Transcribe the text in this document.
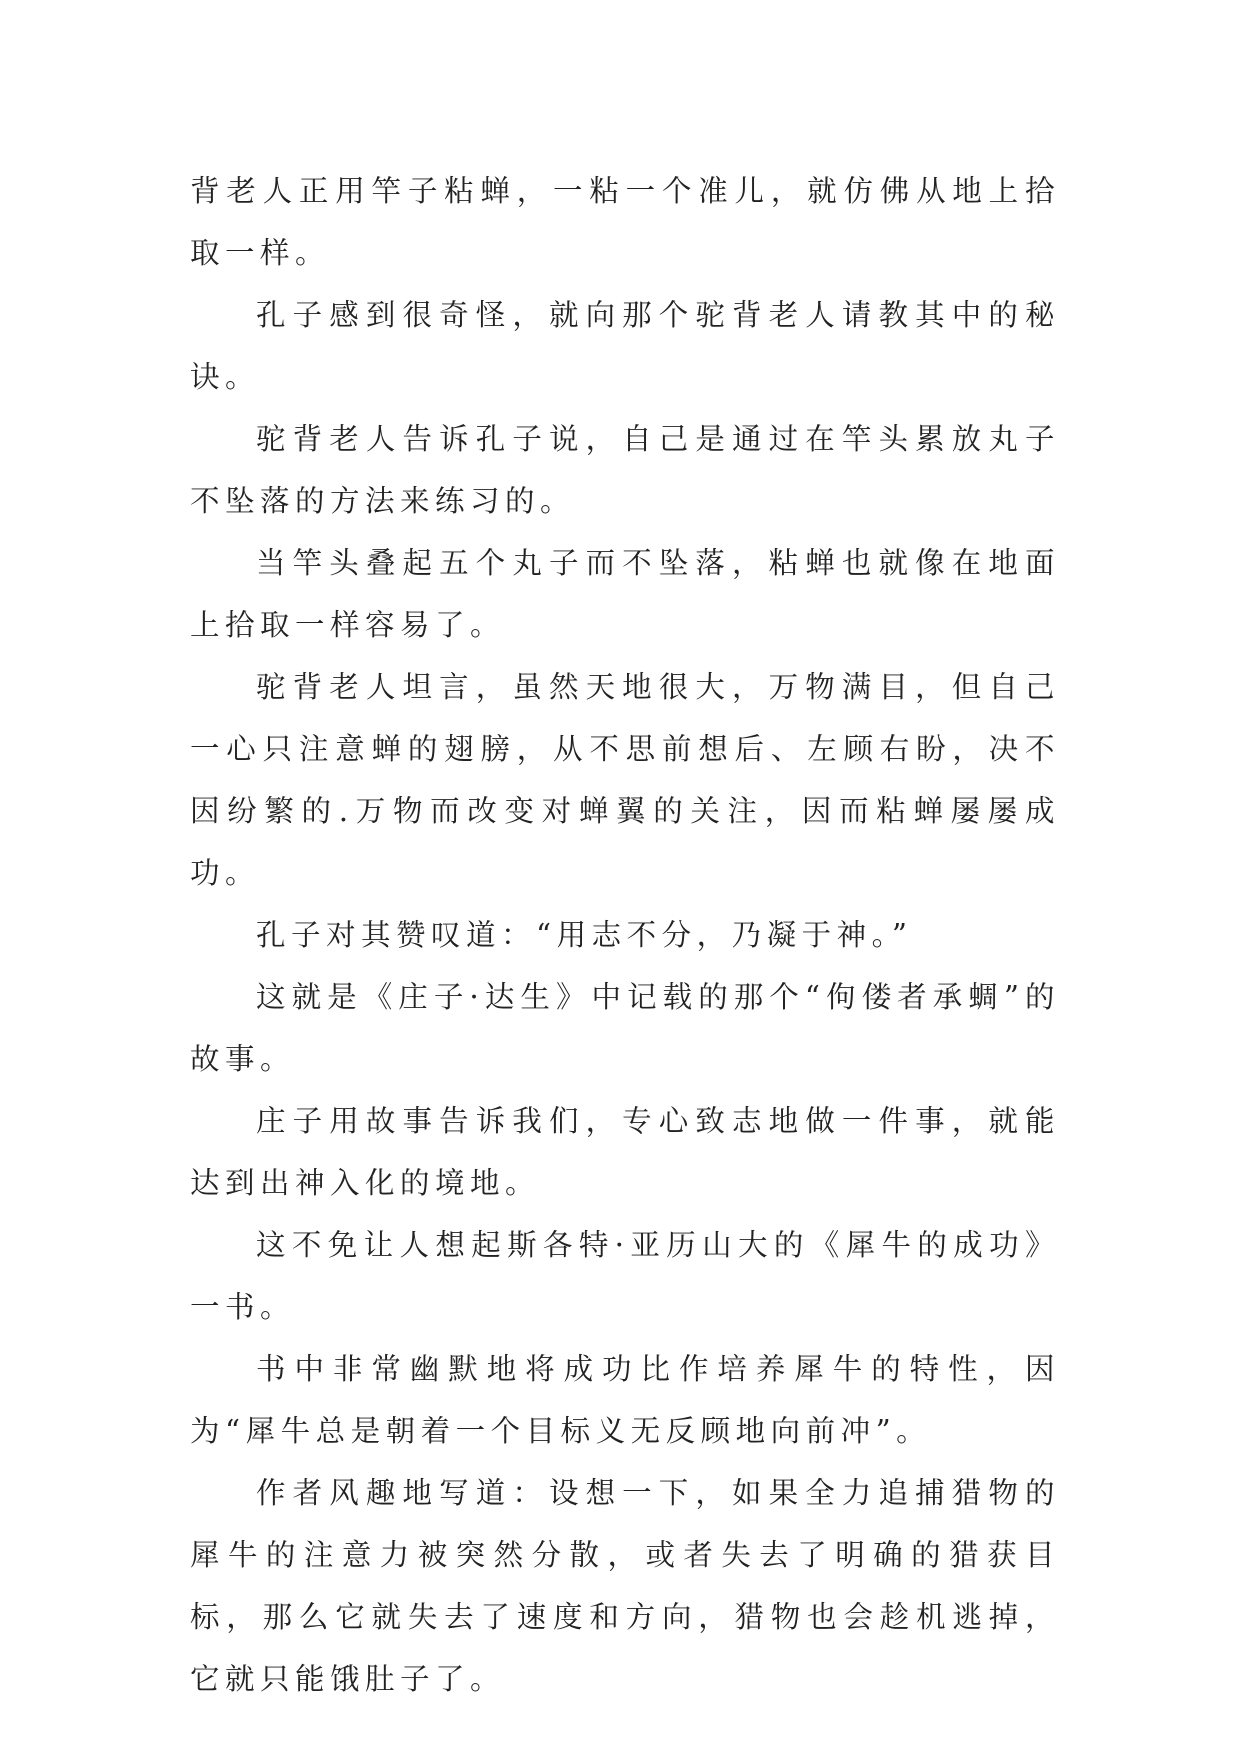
背老人正用竿子粘蝉，一粘一个准儿，就仿佛从地上拾取一样。

孔子感到很奇怪，就向那个驼背老人请教其中的秘诀。

驼背老人告诉孔子说，自己是通过在竿头累放丸子不坠落的方法来练习的。

当竿头叠起五个丸子而不坠落，粘蝉也就像在地面上拾取一样容易了。

驼背老人坦言，虽然天地很大，万物满目，但自己一心只注意蝉的翅膀，从不思前想后、左顾右盼，决不因纷繁的.万物而改变对蝉翼的关注，因而粘蝉屡屡成功。

孔子对其赞叹道：“用志不分，乃凝于神。”

这就是《庄子·达生》中记载的那个“佝偻者承蜩”的故事。

庄子用故事告诉我们，专心致志地做一件事，就能达到出神入化的境地。

这不免让人想起斯各特·亚历山大的《犀牛的成功》一书。

书中非常幽默地将成功比作培养犀牛的特性，因为“犀牛总是朝着一个目标义无反顾地向前冲”。

作者风趣地写道：设想一下，如果全力追捕猎物的犀牛的注意力被突然分散，或者失去了明确的猎获目标，那么它就失去了速度和方向，猎物也会趁机逃掉，它就只能饿肚子了。
